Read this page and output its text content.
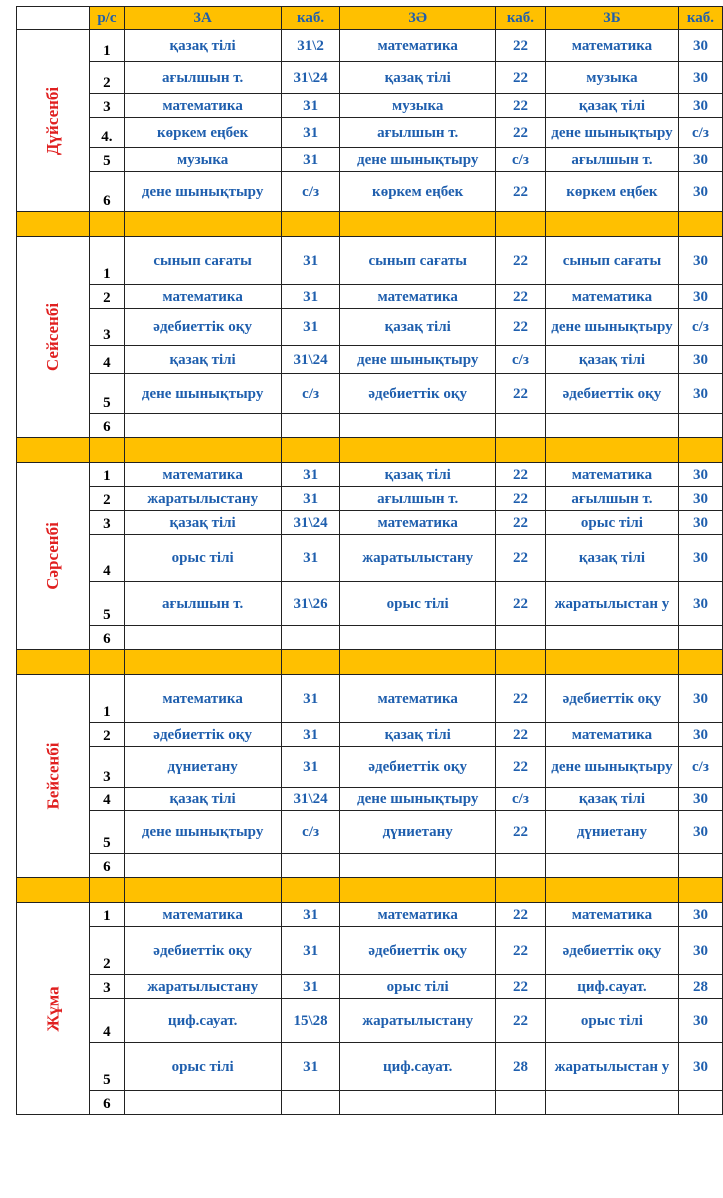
	р/с	3А	каб.	3Ә	каб.	3Б	каб.
Дүйсенбі	1	қазақ тілі	31\2	математика	22	математика	30
	2	ағылшын т.	31\24	қазақ тілі	22	музыка	30
	3	математика	31	музыка	22	қазақ тілі	30
	4.	көркем еңбек	31	ағылшын т.	22	дене шынықтыру	с/з
	5	музыка	31	дене шынықтыру	с/з	ағылшын т.	30
	6	дене шынықтыру	с/з	көркем еңбек	22	көркем еңбек	30

Сейсенбі	1	сынып сағаты	31	сынып сағаты	22	сынып сағаты	30
	2	математика	31	математика	22	математика	30
	3	әдебиеттік оқу	31	қазақ тілі	22	дене шынықтыру	с/з
	4	қазақ тілі	31\24	дене шынықтыру	с/з	қазақ тілі	30
	5	дене шынықтыру	с/з	әдебиеттік оқу	22	әдебиеттік оқу	30
	6						

Сәрсенбі	1	математика	31	қазақ тілі	22	математика	30
	2	жаратылыстану	31	ағылшын т.	22	ағылшын т.	30
	3	қазақ тілі	31\24	математика	22	орыс тілі	30
	4	орыс тілі	31	жаратылыстану	22	қазақ тілі	30
	5	ағылшын т.	31\26	орыс тілі	22	жаратылыстан у	30
	6						

Бейсенбі	1	математика	31	математика	22	әдебиеттік оқу	30
	2	әдебиеттік оқу	31	қазақ тілі	22	математика	30
	3	дүниетану	31	әдебиеттік оқу	22	дене шынықтыру	с/з
	4	қазақ тілі	31\24	дене шынықтыру	с/з	қазақ тілі	30
	5	дене шынықтыру	с/з	дүниетану	22	дүниетану	30
	6						

Жұма	1	математика	31	математика	22	математика	30
	2	әдебиеттік оқу	31	әдебиеттік оқу	22	әдебиеттік оқу	30
	3	жаратылыстану	31	орыс тілі	22	циф.сауат.	28
	4	циф.сауат.	15\28	жаратылыстану	22	орыс тілі	30
	5	орыс тілі	31	циф.сауат.	28	жаратылыстан у	30
	6						
